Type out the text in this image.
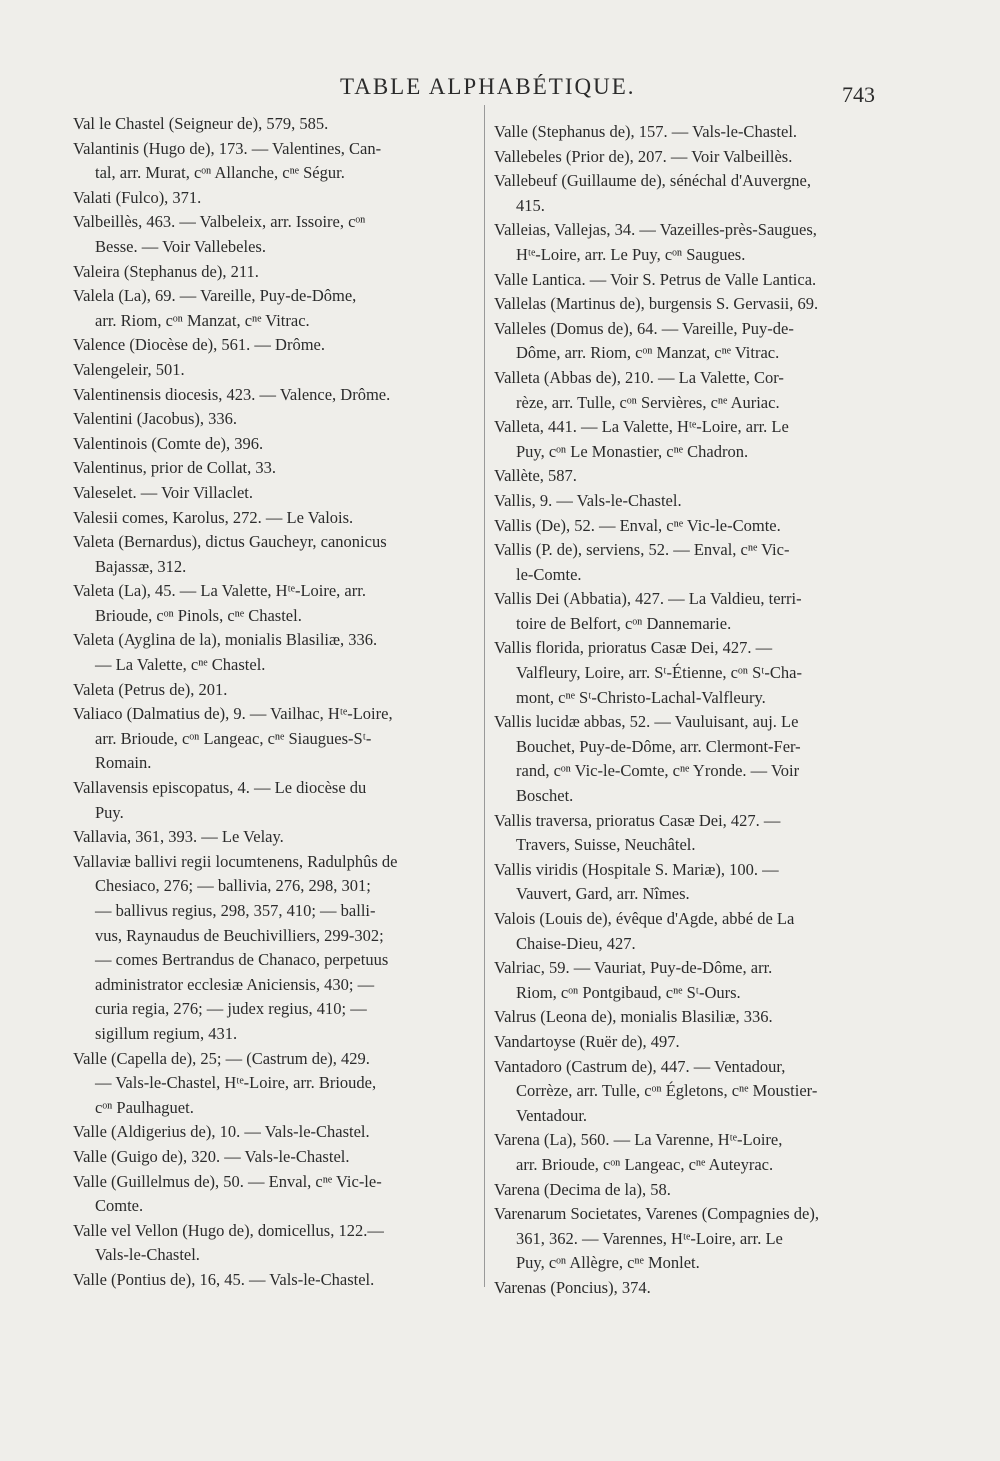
TABLE ALPHABÉTIQUE.	743
Val le Chastel (Seigneur de), 579, 585.
Valantinis (Hugo de), 173. — Valentines, Can-
tal, arr. Murat, cᵒⁿ Allanche, cⁿᵉ Ségur.
Valati (Fulco), 371.
Valbeillès, 463. — Valbeleix, arr. Issoire, cᵒⁿ
Besse. — Voir Vallebeles.
Valeira (Stephanus de), 211.
Valela (La), 69. — Vareille, Puy-de-Dôme,
arr. Riom, cᵒⁿ Manzat, cⁿᵉ Vitrac.
Valence (Diocèse de), 561. — Drôme.
Valengeleir, 501.
Valentinensis diocesis, 423. — Valence, Drôme.
Valentini (Jacobus), 336.
Valentinois (Comte de), 396.
Valentinus, prior de Collat, 33.
Valeselet. — Voir Villaclet.
Valesii comes, Karolus, 272. — Le Valois.
Valeta (Bernardus), dictus Gaucheyr, canonicus
Bajassæ, 312.
Valeta (La), 45. — La Valette, Hᵗᵉ-Loire, arr.
Brioude, cᵒⁿ Pinols, cⁿᵉ Chastel.
Valeta (Ayglina de la), monialis Blasiliæ, 336.
— La Valette, cⁿᵉ Chastel.
Valeta (Petrus de), 201.
Valiaco (Dalmatius de), 9. — Vailhac, Hᵗᵉ-Loire,
arr. Brioude, cᵒⁿ Langeac, cⁿᵉ Siaugues-Sᵗ-
Romain.
Vallavensis episcopatus, 4. — Le diocèse du
Puy.
Vallavia, 361, 393. — Le Velay.
Vallaviæ ballivi regii locumtenens, Radulphûs de
Chesiaco, 276; — ballivia, 276, 298, 301;
— ballivus regius, 298, 357, 410; — balli-
vus, Raynaudus de Beuchivilliers, 299-302;
— comes Bertrandus de Chanaco, perpetuus
administrator ecclesiæ Aniciensis, 430; —
curia regia, 276; — judex regius, 410; —
sigillum regium, 431.
Valle (Capella de), 25; — (Castrum de), 429.
— Vals-le-Chastel, Hᵗᵉ-Loire, arr. Brioude,
cᵒⁿ Paulhaguet.
Valle (Aldigerius de), 10. — Vals-le-Chastel.
Valle (Guigo de), 320. — Vals-le-Chastel.
Valle (Guillelmus de), 50. — Enval, cⁿᵉ Vic-le-
Comte.
Valle vel Vellon (Hugo de), domicellus, 122.—
Vals-le-Chastel.
Valle (Pontius de), 16, 45. — Vals-le-Chastel.
Valle (Stephanus de), 157. — Vals-le-Chastel.
Vallebeles (Prior de), 207. — Voir Valbeillès.
Vallebeuf (Guillaume de), sénéchal d'Auvergne,
415.
Valleias, Vallejas, 34. — Vazeilles-près-Saugues,
Hᵗᵉ-Loire, arr. Le Puy, cᵒⁿ Saugues.
Valle Lantica. — Voir S. Petrus de Valle Lantica.
Vallelas (Martinus de), burgensis S. Gervasii, 69.
Valleles (Domus de), 64. — Vareille, Puy-de-
Dôme, arr. Riom, cᵒⁿ Manzat, cⁿᵉ Vitrac.
Valleta (Abbas de), 210. — La Valette, Cor-
rèze, arr. Tulle, cᵒⁿ Servières, cⁿᵉ Auriac.
Valleta, 441. — La Valette, Hᵗᵉ-Loire, arr. Le
Puy, cᵒⁿ Le Monastier, cⁿᵉ Chadron.
Vallète, 587.
Vallis, 9. — Vals-le-Chastel.
Vallis (De), 52. — Enval, cⁿᵉ Vic-le-Comte.
Vallis (P. de), serviens, 52. — Enval, cⁿᵉ Vic-
le-Comte.
Vallis Dei (Abbatia), 427. — La Valdieu, terri-
toire de Belfort, cᵒⁿ Dannemarie.
Vallis florida, prioratus Casæ Dei, 427. —
Valfleury, Loire, arr. Sᵗ-Étienne, cᵒⁿ Sᵗ-Cha-
mont, cⁿᵉ Sᵗ-Christo-Lachal-Valfleury.
Vallis lucidæ abbas, 52. — Vauluisant, auj. Le
Bouchet, Puy-de-Dôme, arr. Clermont-Fer-
rand, cᵒⁿ Vic-le-Comte, cⁿᵉ Yronde. — Voir
Boschet.
Vallis traversa, prioratus Casæ Dei, 427. —
Travers, Suisse, Neuchâtel.
Vallis viridis (Hospitale S. Mariæ), 100. —
Vauvert, Gard, arr. Nîmes.
Valois (Louis de), évêque d'Agde, abbé de La
Chaise-Dieu, 427.
Valriac, 59. — Vauriat, Puy-de-Dôme, arr.
Riom, cᵒⁿ Pontgibaud, cⁿᵉ Sᵗ-Ours.
Valrus (Leona de), monialis Blasiliæ, 336.
Vandartoyse (Ruër de), 497.
Vantadoro (Castrum de), 447. — Ventadour,
Corrèze, arr. Tulle, cᵒⁿ Égletons, cⁿᵉ Moustier-
Ventadour.
Varena (La), 560. — La Varenne, Hᵗᵉ-Loire,
arr. Brioude, cᵒⁿ Langeac, cⁿᵉ Auteyrac.
Varena (Decima de la), 58.
Varenarum Societates, Varenes (Compagnies de),
361, 362. — Varennes, Hᵗᵉ-Loire, arr. Le
Puy, cᵒⁿ Allègre, cⁿᵉ Monlet.
Varenas (Poncius), 374.
